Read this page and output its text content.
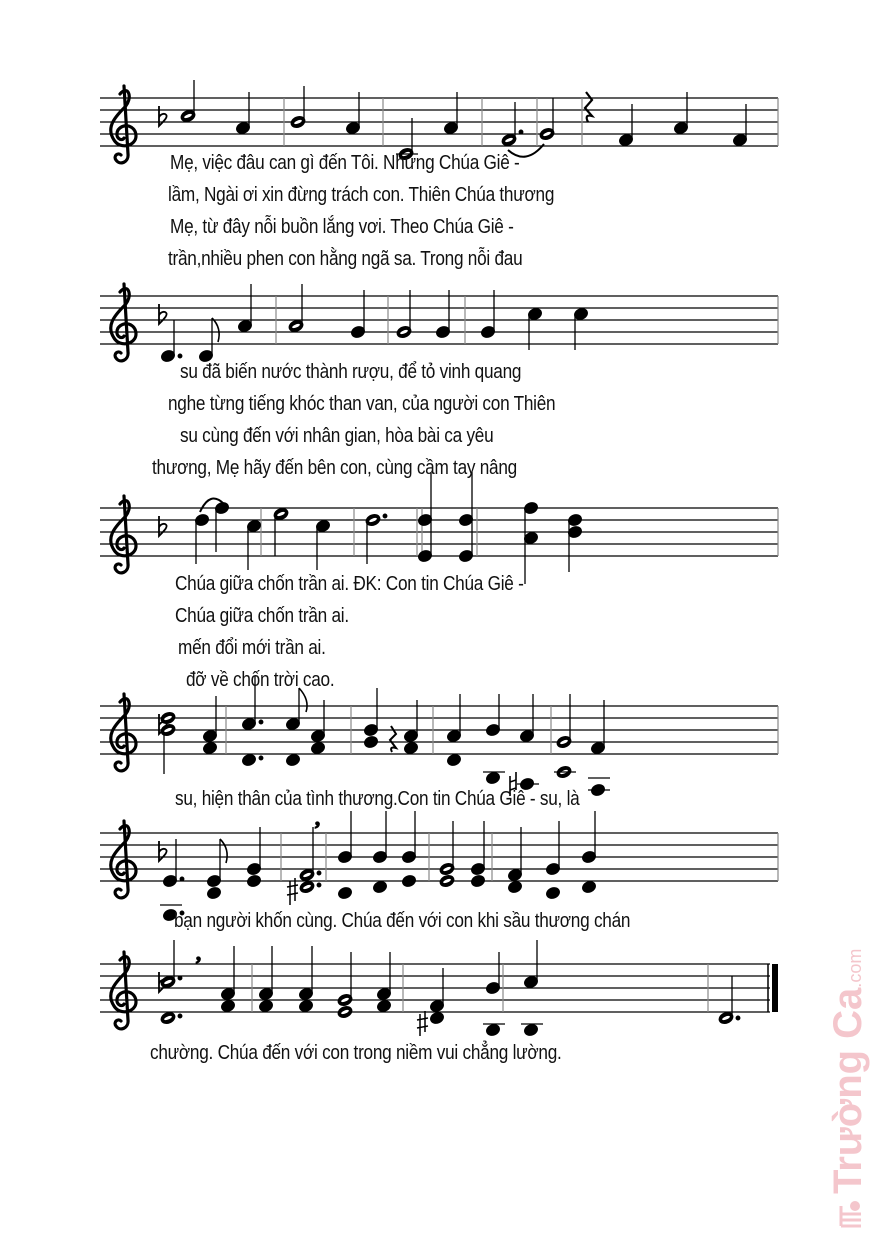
,
,
Mẹ, việc đâu can gì đến Tôi. Nhưng Chúa Giê -
lầm, Ngài ơi xin đừng trách con. Thiên Chúa thương
Mẹ, từ đây nỗi buồn lắng vơi. Theo Chúa Giê -
trần,nhiều phen con hằng ngã sa. Trong nỗi đau
su đã biến nước thành rượu, để tỏ vinh quang
nghe từng tiếng khóc than van, của người con Thiên
su cùng đến với nhân gian, hòa bài ca yêu
thương, Mẹ hãy đến bên con, cùng cầm tay nâng
Chúa giữa chốn trần ai. ĐK: Con tin Chúa Giê -
Chúa giữa chốn trần ai.
mến đổi mới trần ai.
đỡ về chốn trời cao.
su, hiện thân của tình thương.Con tin Chúa Giê - su, là
bạn người khốn cùng. Chúa đến với con khi sầu thương chán
chường. Chúa đến với con trong niềm vui chẳng lường.	Trường Ca.com
